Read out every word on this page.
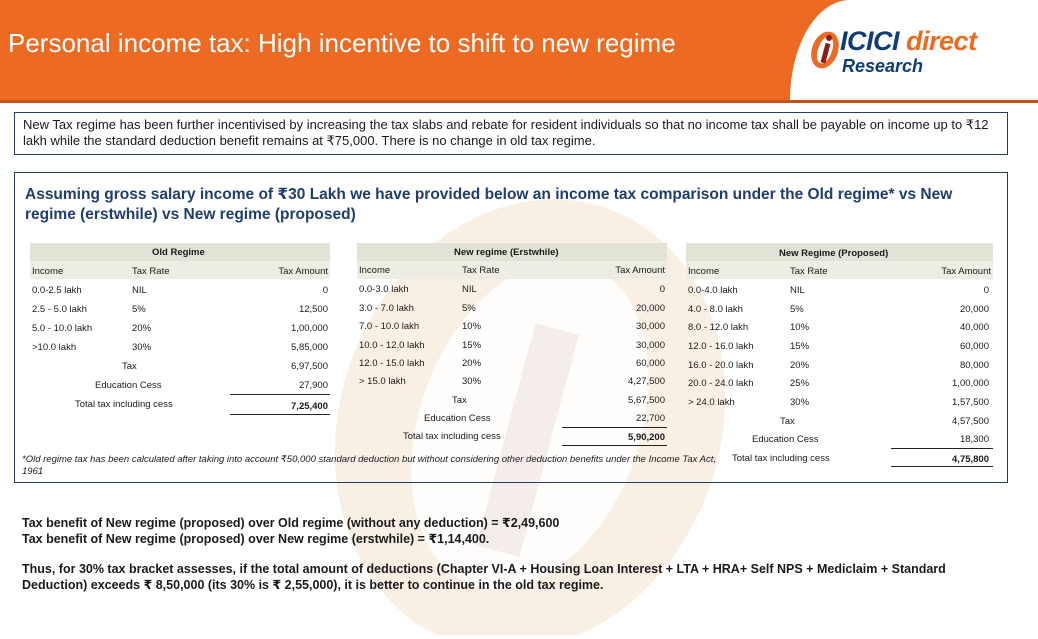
Personal income tax: High incentive to shift to new regime	ICICI direct
Research
New Tax regime has been further incentivised by increasing the tax slabs and rebate for resident individuals so that no income tax shall be payable on income up to ₹12 lakh while the standard deduction benefit remains at ₹75,000. There is no change in old tax regime.
Assuming gross salary income of ₹30 Lakh we have provided below an income tax comparison under the Old regime* vs New regime (erstwhile) vs New regime (proposed)
Old Regime
Income	Tax Rate	Tax Amount
0.0-2.5 lakh	NIL	0
2.5 - 5.0 lakh	5%	12,500
5.0 - 10.0 lakh	20%	1,00,000
>10.0 lakh	30%	5,85,000
Tax	6,97,500
Education Cess	27,900
Total tax including cess	7,25,400
New regime (Erstwhile)
Income	Tax Rate	Tax Amount
0.0-3.0 lakh	NIL	0
3.0 - 7.0 lakh	5%	20,000
7.0 - 10.0 lakh	10%	30,000
10.0 - 12.0 lakh	15%	30,000
12.0 - 15.0 lakh	20%	60,000
> 15.0 lakh	30%	4,27,500
Tax	5,67,500
Education Cess	22,700
Total tax including cess	5,90,200
New Regime (Proposed)
Income	Tax Rate	Tax Amount
0.0-4.0 lakh	NIL	0
4.0 - 8.0 lakh	5%	20,000
8.0 - 12.0 lakh	10%	40,000
12.0 - 16.0 lakh	15%	60,000
16.0 - 20.0 lakh	20%	80,000
20.0 - 24.0 lakh	25%	1,00,000
> 24.0 lakh	30%	1,57,500
Tax	4,57,500
Education Cess	18,300
Total tax including cess	4,75,800
*Old regime tax has been calculated after taking into account ₹50,000 standard deduction but without considering other deduction benefits under the Income Tax Act, 1961

Tax benefit of New regime (proposed) over Old regime (without any deduction) = ₹2,49,600

Tax benefit of New regime (proposed) over New regime (erstwhile) = ₹1,14,400.

Thus, for 30% tax bracket assesses, if the total amount of deductions (Chapter VI-A + Housing Loan Interest + LTA + HRA+ Self NPS + Mediclaim + Standard Deduction) exceeds ₹ 8,50,000 (its 30% is ₹ 2,55,000), it is better to continue in the old tax regime.
